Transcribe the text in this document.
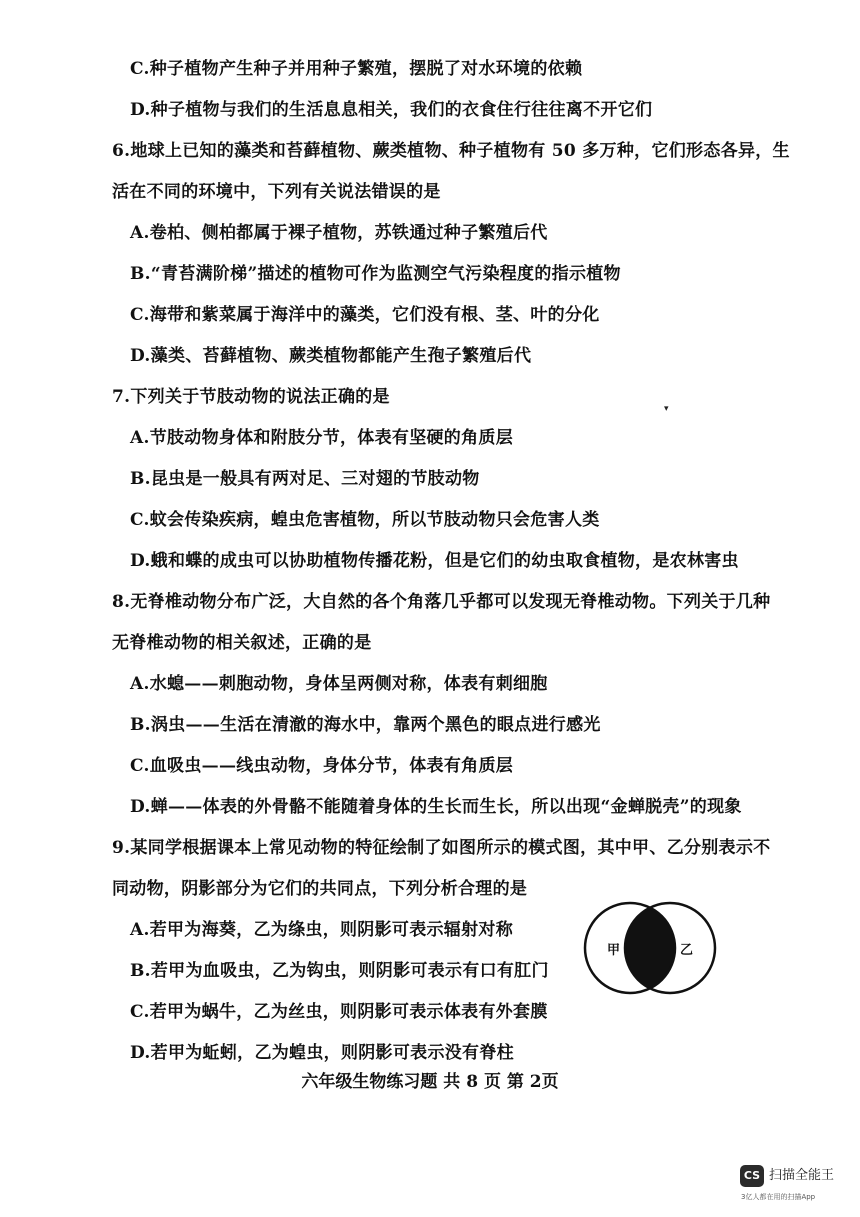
C.种子植物产生种子并用种子繁殖，摆脱了对水环境的依赖
D.种子植物与我们的生活息息相关，我们的衣食住行往往离不开它们
6.地球上已知的藻类和苔藓植物、蕨类植物、种子植物有 50 多万种，它们形态各异，生
活在不同的环境中，下列有关说法错误的是
A.卷柏、侧柏都属于裸子植物，苏铁通过种子繁殖后代
B.“青苔满阶梯”描述的植物可作为监测空气污染程度的指示植物
C.海带和紫菜属于海洋中的藻类，它们没有根、茎、叶的分化
D.藻类、苔藓植物、蕨类植物都能产生孢子繁殖后代
7.下列关于节肢动物的说法正确的是
A.节肢动物身体和附肢分节，体表有坚硬的角质层
B.昆虫是一般具有两对足、三对翅的节肢动物
C.蚊会传染疾病，蝗虫危害植物，所以节肢动物只会危害人类
D.蛾和蝶的成虫可以协助植物传播花粉，但是它们的幼虫取食植物，是农林害虫
8.无脊椎动物分布广泛，大自然的各个角落几乎都可以发现无脊椎动物。下列关于几种
无脊椎动物的相关叙述，正确的是
A.水螅——刺胞动物，身体呈两侧对称，体表有刺细胞
B.涡虫——生活在清澈的海水中，靠两个黑色的眼点进行感光
C.血吸虫——线虫动物，身体分节，体表有角质层
D.蝉——体表的外骨骼不能随着身体的生长而生长，所以出现“金蝉脱壳”的现象
9.某同学根据课本上常见动物的特征绘制了如图所示的模式图，其中甲、乙分别表示不
同动物，阴影部分为它们的共同点，下列分析合理的是
A.若甲为海葵，乙为绦虫，则阴影可表示辐射对称
B.若甲为血吸虫，乙为钩虫，则阴影可表示有口有肛门
C.若甲为蜗牛，乙为丝虫，则阴影可表示体表有外套膜
D.若甲为蚯蚓，乙为蝗虫，则阴影可表示没有脊柱
甲	乙
▾
六年级生物练习题 共 8 页 第 2页
CS 扫描全能王
3亿人都在用的扫描App
